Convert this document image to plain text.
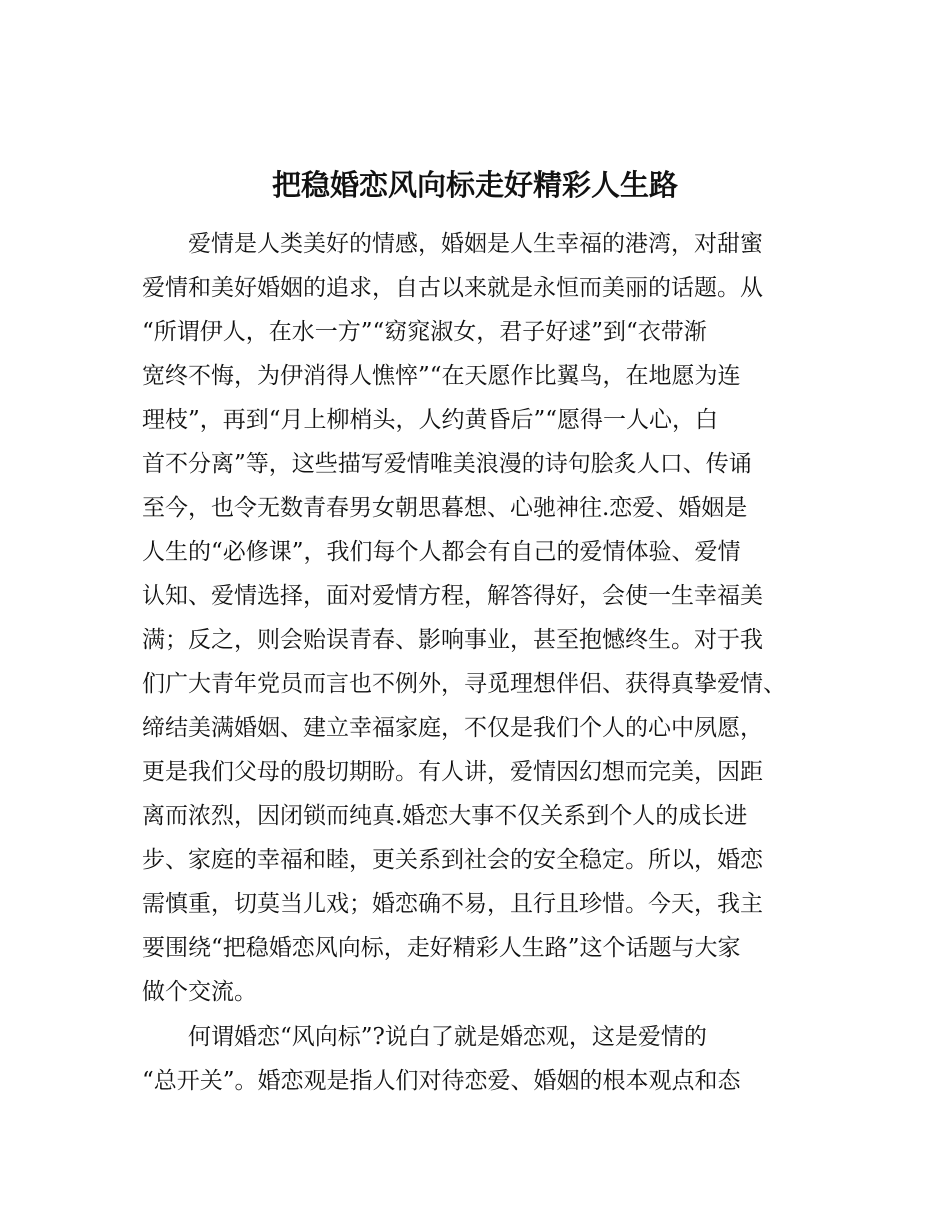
把稳婚恋风向标走好精彩人生路
　　爱情是人类美好的情感，婚姻是人生幸福的港湾，对甜蜜
爱情和美好婚姻的追求，自古以来就是永恒而美丽的话题。从
“所谓伊人，在水一方”“窈窕淑女，君子好逑”到“衣带渐
宽终不悔，为伊消得人憔悴”“在天愿作比翼鸟，在地愿为连
理枝”，再到“月上柳梢头，人约黄昏后”“愿得一人心，白
首不分离”等，这些描写爱情唯美浪漫的诗句脍炙人口、传诵
至今，也令无数青春男女朝思暮想、心驰神往.恋爱、婚姻是
人生的“必修课”，我们每个人都会有自己的爱情体验、爱情
认知、爱情选择，面对爱情方程，解答得好，会使一生幸福美
满；反之，则会贻误青春、影响事业，甚至抱憾终生。对于我
们广大青年党员而言也不例外，寻觅理想伴侣、获得真挚爱情、
缔结美满婚姻、建立幸福家庭，不仅是我们个人的心中夙愿，
更是我们父母的殷切期盼。有人讲，爱情因幻想而完美，因距
离而浓烈，因闭锁而纯真.婚恋大事不仅关系到个人的成长进
步、家庭的幸福和睦，更关系到社会的安全稳定。所以，婚恋
需慎重，切莫当儿戏；婚恋确不易，且行且珍惜。今天，我主
要围绕“把稳婚恋风向标，走好精彩人生路”这个话题与大家
做个交流。
　　何谓婚恋“风向标”?说白了就是婚恋观，这是爱情的
“总开关”。婚恋观是指人们对待恋爱、婚姻的根本观点和态
